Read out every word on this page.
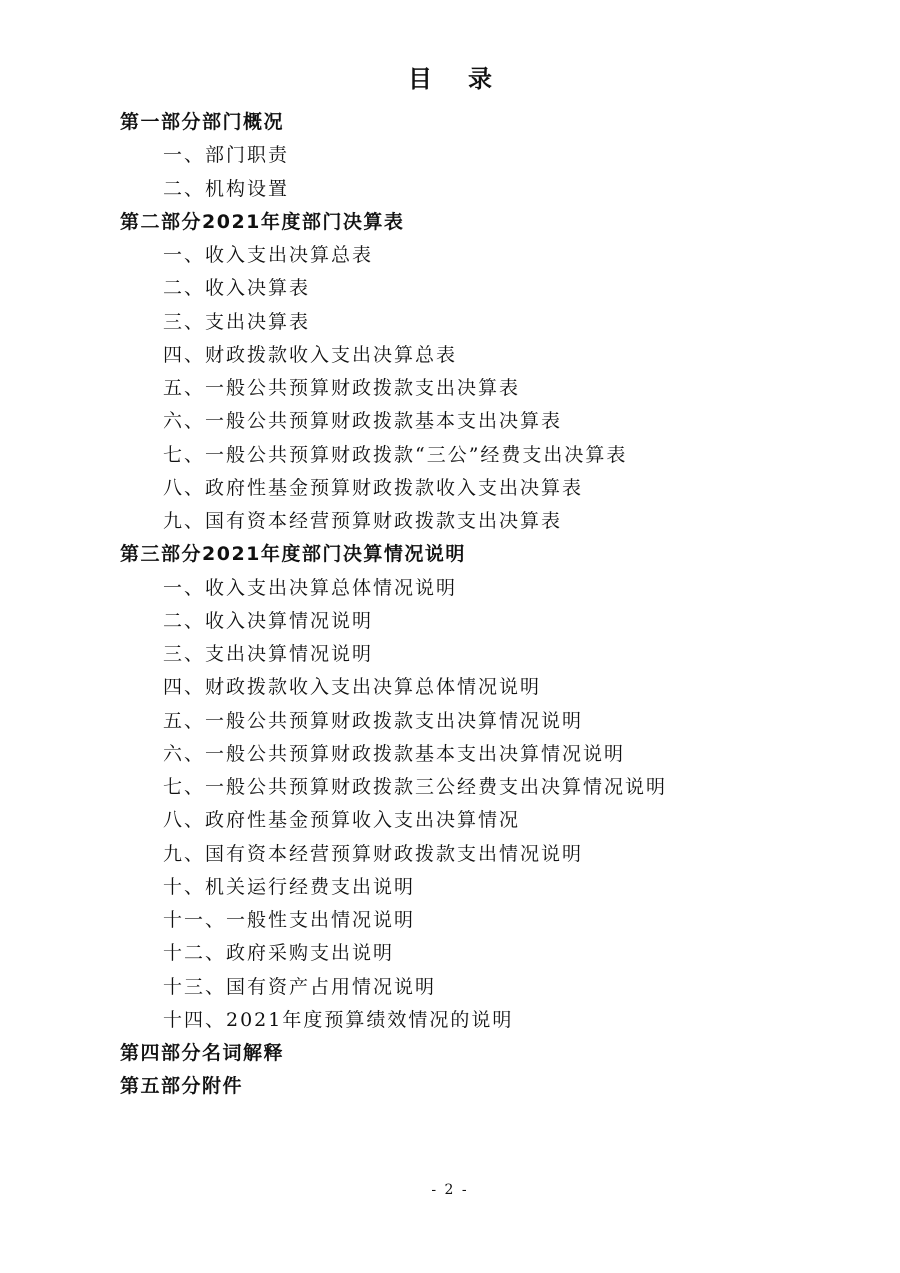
目　录
第一部分部门概况
一、部门职责
二、机构设置
第二部分2021年度部门决算表
一、收入支出决算总表
二、收入决算表
三、支出决算表
四、财政拨款收入支出决算总表
五、一般公共预算财政拨款支出决算表
六、一般公共预算财政拨款基本支出决算表
七、一般公共预算财政拨款“三公”经费支出决算表
八、政府性基金预算财政拨款收入支出决算表
九、国有资本经营预算财政拨款支出决算表
第三部分2021年度部门决算情况说明
一、收入支出决算总体情况说明
二、收入决算情况说明
三、支出决算情况说明
四、财政拨款收入支出决算总体情况说明
五、一般公共预算财政拨款支出决算情况说明
六、一般公共预算财政拨款基本支出决算情况说明
七、一般公共预算财政拨款三公经费支出决算情况说明
八、政府性基金预算收入支出决算情况
九、国有资本经营预算财政拨款支出情况说明
十、机关运行经费支出说明
十一、一般性支出情况说明
十二、政府采购支出说明
十三、国有资产占用情况说明
十四、2021年度预算绩效情况的说明
第四部分名词解释
第五部分附件
- 2 -
